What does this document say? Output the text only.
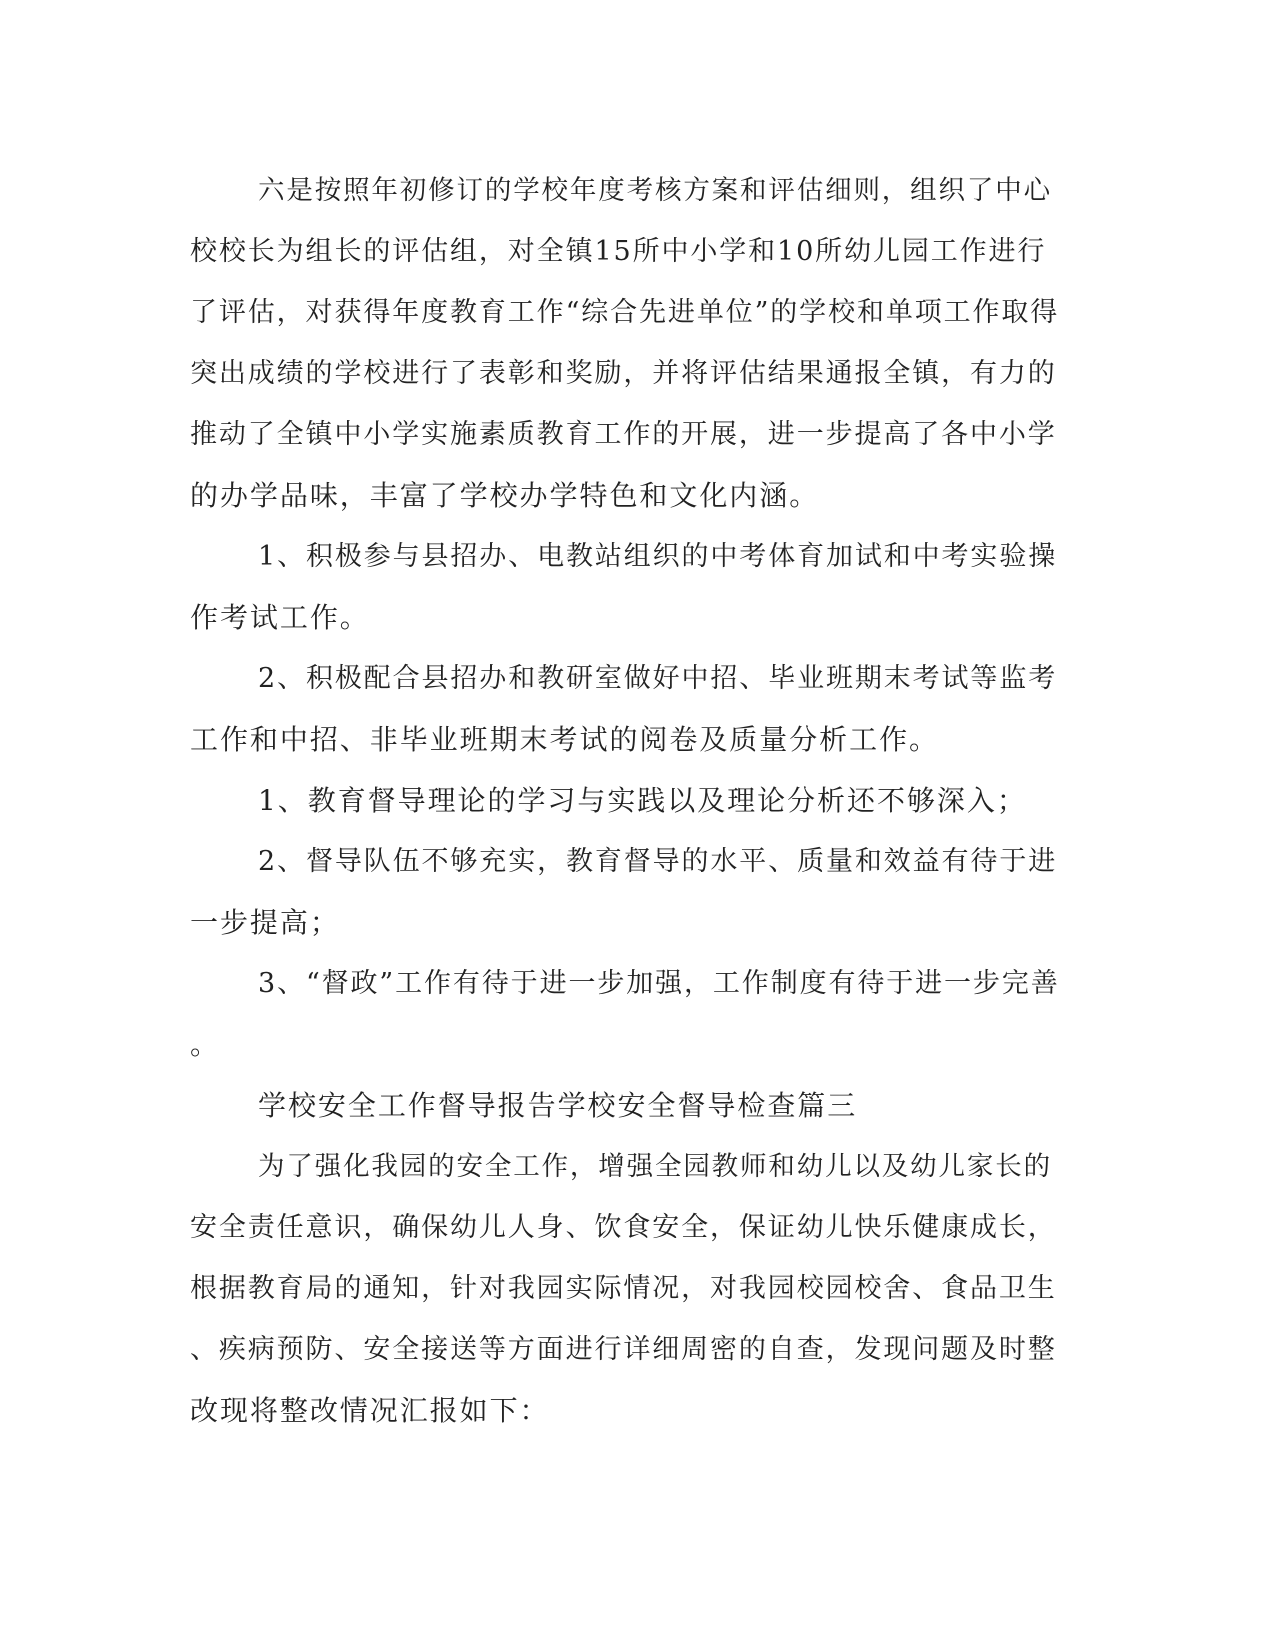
六是按照年初修订的学校年度考核方案和评估细则，组织了中心
校校长为组长的评估组，对全镇15所中小学和10所幼儿园工作进行
了评估，对获得年度教育工作“综合先进单位”的学校和单项工作取得
突出成绩的学校进行了表彰和奖励，并将评估结果通报全镇，有力的
推动了全镇中小学实施素质教育工作的开展，进一步提高了各中小学
的办学品味，丰富了学校办学特色和文化内涵。
1、积极参与县招办、电教站组织的中考体育加试和中考实验操
作考试工作。
2、积极配合县招办和教研室做好中招、毕业班期末考试等监考
工作和中招、非毕业班期末考试的阅卷及质量分析工作。
1、教育督导理论的学习与实践以及理论分析还不够深入；
2、督导队伍不够充实，教育督导的水平、质量和效益有待于进
一步提高；
3、“督政”工作有待于进一步加强，工作制度有待于进一步完善
。
学校安全工作督导报告学校安全督导检查篇三
为了强化我园的安全工作，增强全园教师和幼儿以及幼儿家长的
安全责任意识，确保幼儿人身、饮食安全，保证幼儿快乐健康成长，
根据教育局的通知，针对我园实际情况，对我园校园校舍、食品卫生
、疾病预防、安全接送等方面进行详细周密的自查，发现问题及时整
改现将整改情况汇报如下：
